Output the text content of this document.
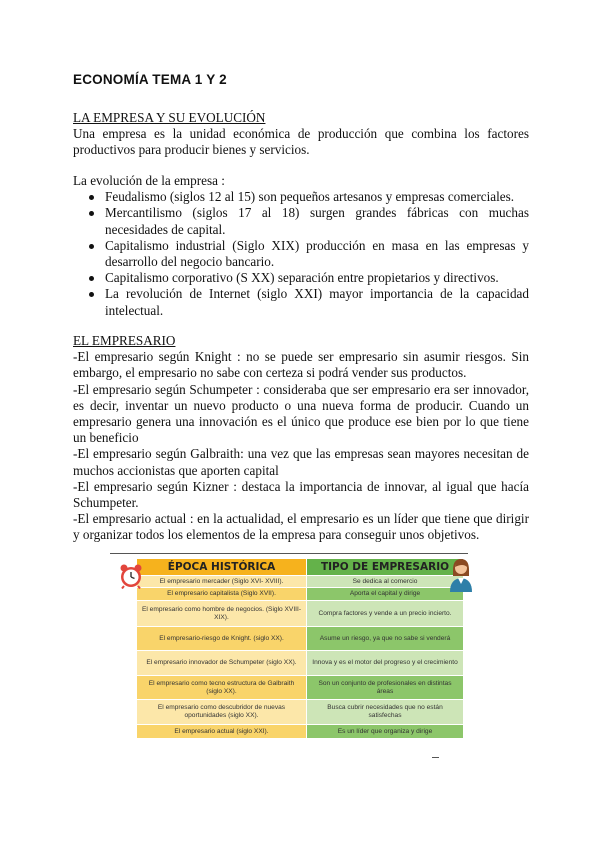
ECONOMÍA TEMA 1 Y 2

LA EMPRESA Y SU EVOLUCIÓN

Una empresa es la unidad económica de producción que combina los factores productivos para producir bienes y servicios.

La evolución de la empresa :

Feudalismo (siglos 12 al 15) son pequeños artesanos y empresas comerciales.
Mercantilismo (siglos 17 al 18) surgen grandes fábricas con muchas necesidades de capital.
Capitalismo industrial (Siglo XIX) producción en masa en las empresas y desarrollo del negocio bancario.
Capitalismo corporativo (S XX) separación entre propietarios y directivos.
La revolución de Internet (siglo XXI) mayor importancia de la capacidad intelectual.

EL EMPRESARIO

-El empresario según Knight : no se puede ser empresario sin asumir riesgos. Sin embargo, el empresario no sabe con certeza si podrá vender sus productos.

-El empresario según Schumpeter : consideraba que ser empresario era ser innovador, es decir, inventar un nuevo producto o una nueva forma de producir. Cuando un empresario genera una innovación es el único que produce ese bien por lo que tiene un beneficio

-El empresario según Galbraith: una vez que las empresas sean mayores necesitan de muchos accionistas que aporten capital

-El empresario según Kizner : destaca la importancia de innovar, al igual que hacía Schumpeter.

-El empresario actual : en la actualidad, el empresario es un líder que tiene que dirigir y organizar todos los elementos de la empresa para conseguir unos objetivos.

ÉPOCA HISTÓRICA	TIPO DE EMPRESARIO
El empresario mercader (Siglo XVI- XVIII).	Se dedica al comercio
El empresario capitalista (Siglo XVII).	Aporta el capital y dirige
El empresario como hombre de negocios. (Siglo XVIII-XIX).	Compra factores y vende a un precio incierto.
El empresario-riesgo de Knight. (siglo XX).	Asume un riesgo, ya que no sabe si venderá
El empresario innovador de Schumpeter (siglo XX).	Innova y es el motor del progreso y el crecimiento
El empresario como tecno estructura de Galbraith (siglo XX).	Son un conjunto de profesionales en distintas áreas
El empresario como descubridor de nuevas oportunidades (siglo XX).	Busca cubrir necesidades que no están satisfechas
El empresario actual (siglo XXI).	Es un líder que organiza y dirige
